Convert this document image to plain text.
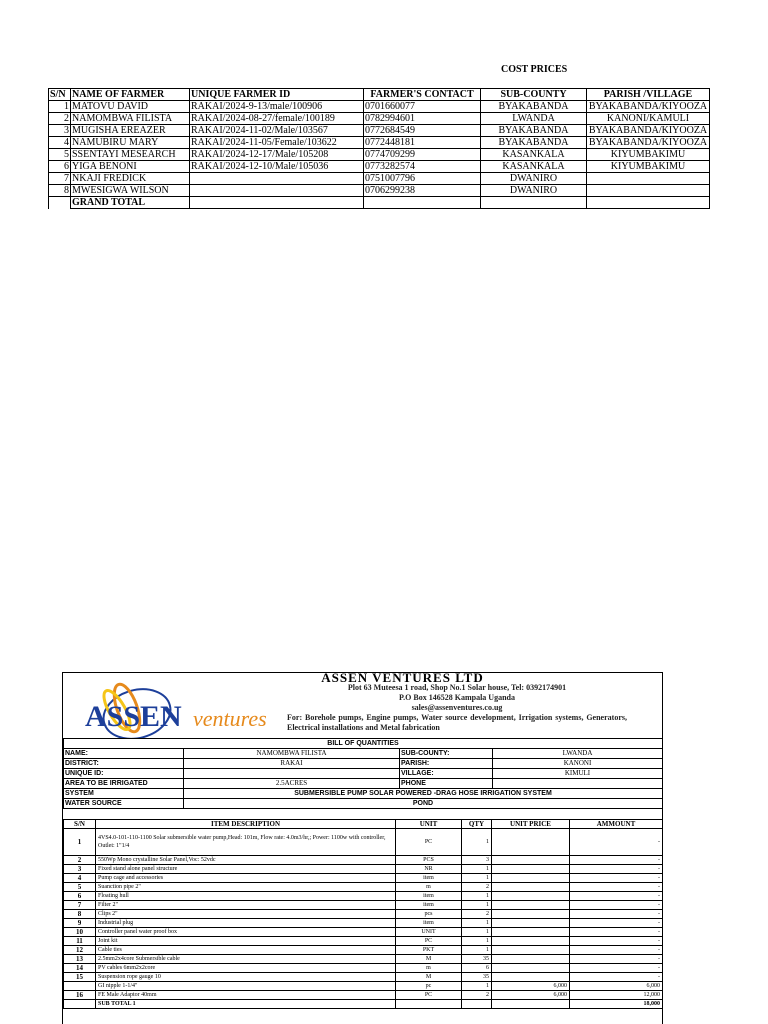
COST PRICES
S/N	NAME OF FARMER	UNIQUE FARMER ID	FARMER'S CONTACT	SUB-COUNTY	PARISH /VILLAGE
1	MATOVU DAVID	RAKAI/2024-9-13/male/100906	0701660077	BYAKABANDA	BYAKABANDA/KIYOOZA
2	NAMOMBWA FILISTA	RAKAI/2024-08-27/female/100189	0782994601	LWANDA	KANONI/KAMULI
3	MUGISHA EREAZER	RAKAI/2024-11-02/Male/103567	0772684549	BYAKABANDA	BYAKABANDA/KIYOOZA
4	NAMUBIRU MARY	RAKAI/2024-11-05/Female/103622	0772448181	BYAKABANDA	BYAKABANDA/KIYOOZA
5	SSENTAYI MESEARCH	RAKAI/2024-12-17/Male/105208	0774709299	KASANKALA	KIYUMBAKIMU
6	YIGA BENONI	RAKAI/2024-12-10/Male/105036	0773282574	KASANKALA	KIYUMBAKIMU
7	NKAJI FREDICK		0751007796	DWANIRO	
8	MWESIGWA WILSON		0706299238	DWANIRO	
	GRAND TOTAL				
ASSEN ventures
ASSEN VENTURES LTD
Plot 63 Muteesa 1 road, Shop No.1 Solar house, Tel: 0392174901
P.O Box 146528 Kampala Uganda
sales@assenventures.co.ug
For: Borehole pumps, Engine pumps, Water source development, Irrigation systems, Generators, Electrical installations and Metal fabrication
BILL OF QUANTITIES			
NAME:	NAMOMBWA FILISTA	SUB-COUNTY:	LWANDA
DISTRICT:	RAKAI	PARISH:	KANONI
UNIQUE ID:		VILLAGE:	KIMULI
AREA TO BE IRRIGATED	2.5ACRES	PHONE	
SYSTEM	SUBMERSIBLE PUMP SOLAR POWERED -DRAG HOSE IRRIGATION SYSTEM		
WATER SOURCE	POND		
S/N	ITEM DESCRIPTION	UNIT	QTY	UNIT PRICE	AMMOUNT
1	4VS4.0-101-110-1100 Solar submersible water pump,Head: 101m, Flow rate: 4.0m3/hr,; Power: 1100w with controller, Outlet: 1"1/4	PC	1		-
2	550Wp Mono crystalline Solar Panel,Voc: 52vdc	PCS	3		-
3	Fixed stand alone panel structure	NR	1		-
4	Pump cage and accessories	item	1		-
5	Suanction pipe 2"	m	2		-
6	Floating hull	item	1		-
7	Filter 2"	item	1		-
8	Clips 2"	pcs	2		-
9	Industrial plug	item	1		-
10	Controller panel water proof box	UNIT	1		-
11	Joint kit	PC	1		-
12	Cable ties	PKT	1		-
13	2.5mm2x4core Submersible cable	M	35		-
14	PV cables 6mm2x2core	m	6		-
15	Suspension rope gauge 10	M	35		-
	GI nipple 1-1/4"	pc	1	6,000	6,000
16	FE Male Adaptor 40mm	PC	2	6,000	12,000
	SUB TOTAL 1				18,000
